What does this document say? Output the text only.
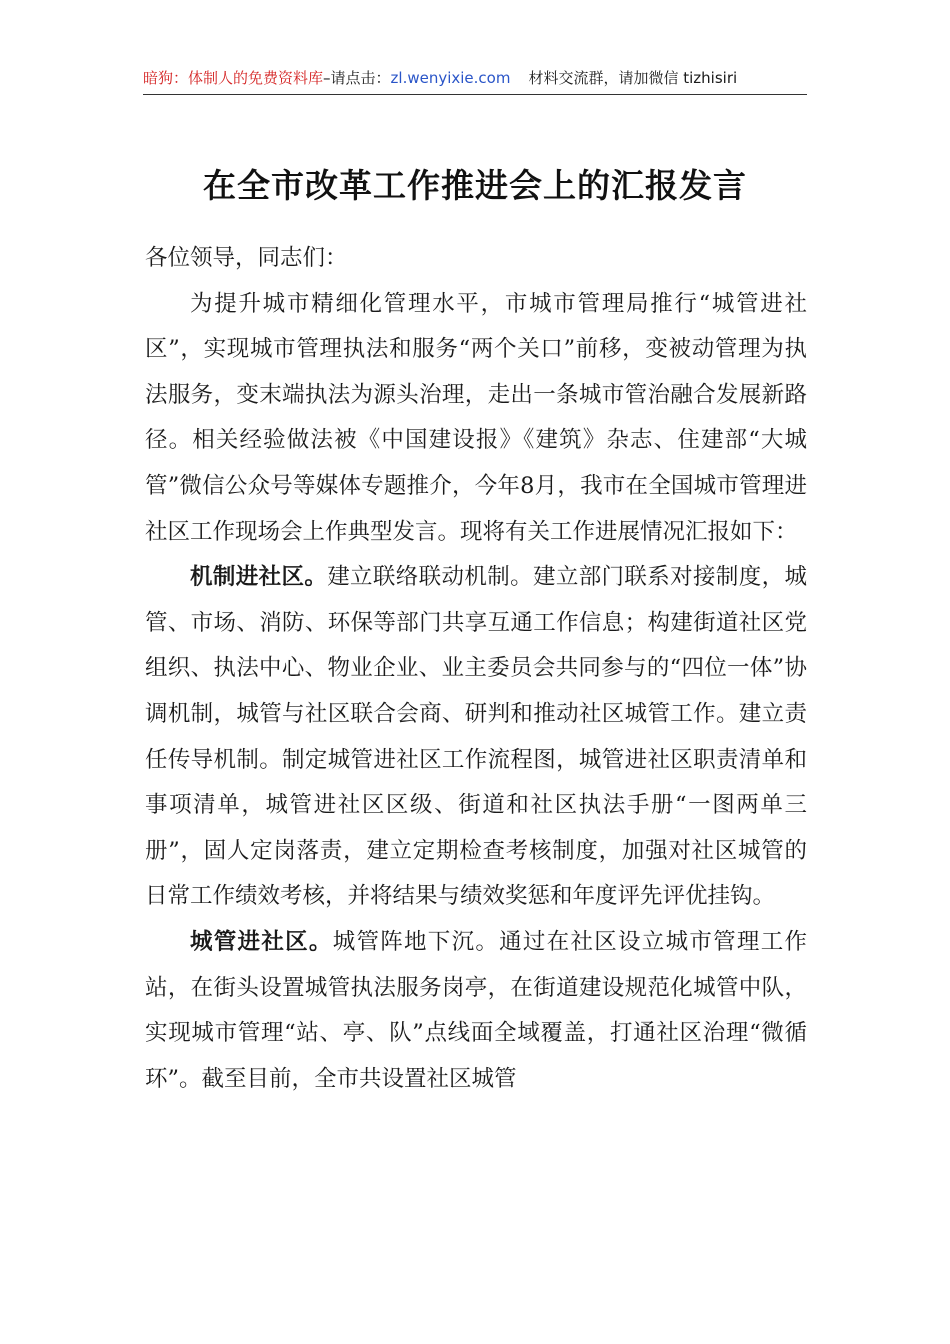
暗狗：体制人的免费资料库–请点击：zl.wenyixie.com 材料交流群，请加微信 tizhisiri
在全市改革工作推进会上的汇报发言

各位领导，同志们：

为提升城市精细化管理水平，市城市管理局推行“城管进社区”，实现城市管理执法和服务“两个关口”前移，变被动管理为执法服务，变末端执法为源头治理，走出一条城市管治融合发展新路径。相关经验做法被《中国建设报》《建筑》杂志、住建部“大城管”微信公众号等媒体专题推介，今年8月，我市在全国城市管理进社区工作现场会上作典型发言。现将有关工作进展情况汇报如下：

机制进社区。建立联络联动机制。建立部门联系对接制度，城管、市场、消防、环保等部门共享互通工作信息；构建街道社区党组织、执法中心、物业企业、业主委员会共同参与的“四位一体”协调机制，城管与社区联合会商、研判和推动社区城管工作。建立责任传导机制。制定城管进社区工作流程图，城管进社区职责清单和事项清单，城管进社区区级、街道和社区执法手册“一图两单三册”，固人定岗落责，建立定期检查考核制度，加强对社区城管的日常工作绩效考核，并将结果与绩效奖惩和年度评先评优挂钩。

城管进社区。城管阵地下沉。通过在社区设立城市管理工作站，在街头设置城管执法服务岗亭，在街道建设规范化城管中队，实现城市管理“站、亭、队”点线面全域覆盖，打通社区治理“微循环”。截至目前，全市共设置社区城管
